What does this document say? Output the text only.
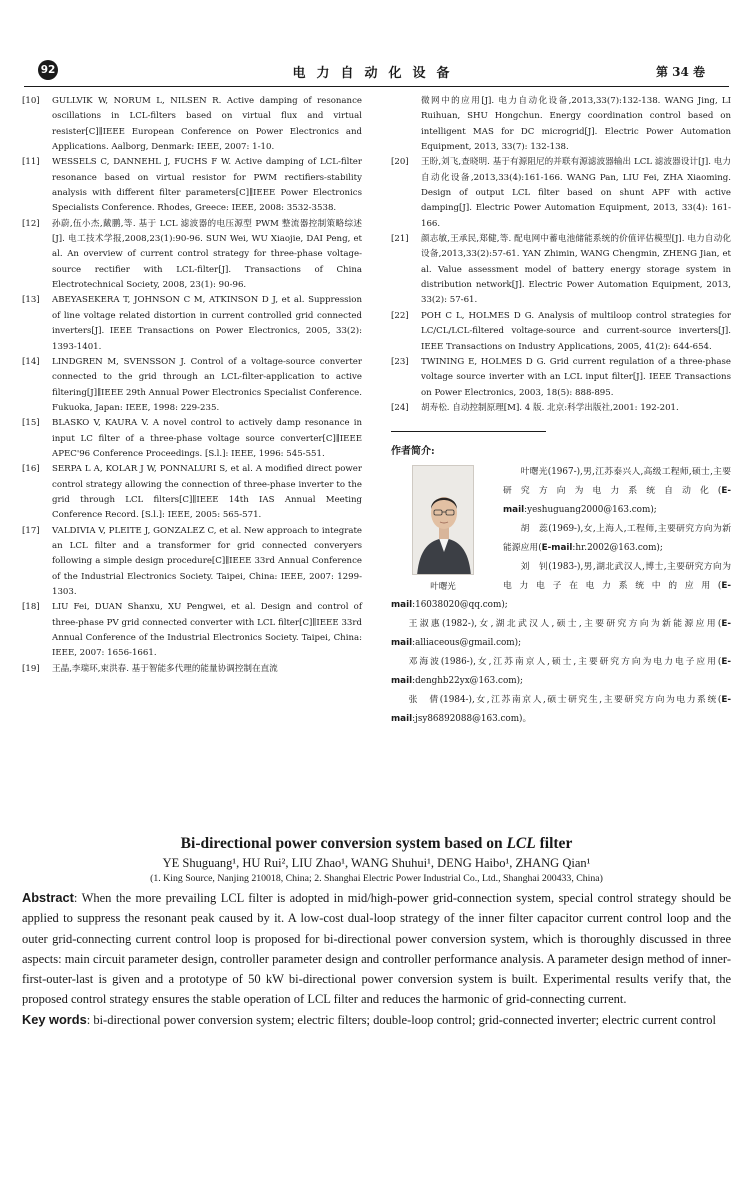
92	电力自动化设备	第 34 卷
[10]	GULLVIK W, NORUM L, NILSEN R. Active damping of resonance oscillations in LCL-filters based on virtual flux and virtual resister[C]∥IEEE European Conference on Power Electronics and Applications. Aalborg, Denmark: IEEE, 2007: 1-10.
[11]	WESSELS C, DANNEHL J, FUCHS F W. Active damping of LCL-filter resonance based on virtual resistor for PWM rectifiers-stability analysis with different filter parameters[C]∥IEEE Power Electronics Specialists Conference. Rhodes, Greece: IEEE, 2008: 3532-3538.
[12]	孙蔚,伍小杰,戴鹏,等. 基于 LCL 滤波器的电压源型 PWM 整流器控制策略综述[J]. 电工技术学报,2008,23(1):90-96. SUN Wei, WU Xiaojie, DAI Peng, et al. An overview of current control strategy for three-phase voltage-source rectifier with LCL-filter[J]. Transactions of China Electrotechnical Society, 2008, 23(1): 90-96.
[13]	ABEYASEKERA T, JOHNSON C M, ATKINSON D J, et al. Suppression of line voltage related distortion in current controlled grid connected inverters[J]. IEEE Transactions on Power Electronics, 2005, 33(2): 1393-1401.
[14]	LINDGREN M, SVENSSON J. Control of a voltage-source converter connected to the grid through an LCL-filter-application to active filtering[J]∥IEEE 29th Annual Power Electronics Specialist Conference. Fukuoka, Japan: IEEE, 1998: 229-235.
[15]	BLASKO V, KAURA V. A novel control to actively damp resonance in input LC filter of a three-phase voltage source converter[C]∥IEEE APEC'96 Conference Proceedings. [S.l.]: IEEE, 1996: 545-551.
[16]	SERPA L A, KOLAR J W, PONNALURI S, et al. A modified direct power control strategy allowing the connection of three-phase inverter to the grid through LCL filters[C]∥IEEE 14th IAS Annual Meeting Conference Record. [S.l.]: IEEE, 2005: 565-571.
[17]	VALDIVIA V, PLEITE J, GONZALEZ C, et al. New approach to integrate an LCL filter and a transformer for grid connected converyers following a simple design procedure[C]∥IEEE 33rd Annual Conference of the Industrial Electronics Society. Taipei, China: IEEE, 2007: 1299-1303.
[18]	LIU Fei, DUAN Shanxu, XU Pengwei, et al. Design and control of three-phase PV grid connected converter with LCL filter[C]∥IEEE 33rd Annual Conference of the Industrial Electronics Society. Taipei, China: IEEE, 2007: 1656-1661.
[19]	王晶,李瑞环,束洪春. 基于智能多代理的能量协调控制在直流
微网中的应用[J]. 电力自动化设备,2013,33(7):132-138. WANG Jing, LI Ruihuan, SHU Hongchun. Energy coordination control based on intelligent MAS for DC microgrid[J]. Electric Power Automation Equipment, 2013, 33(7): 132-138.
[20]	王盼,刘飞,查晓明. 基于有源阻尼的并联有源滤波器输出 LCL 滤波器设计[J]. 电力自动化设备,2013,33(4):161-166. WANG Pan, LIU Fei, ZHA Xiaoming. Design of output LCL filter based on shunt APF with active damping[J]. Electric Power Automation Equipment, 2013, 33(4): 161-166.
[21]	颜志敏,王承民,郑健,等. 配电网中蓄电池储能系统的价值评估模型[J]. 电力自动化设备,2013,33(2):57-61. YAN Zhimin, WANG Chengmin, ZHENG Jian, et al. Value assessment model of battery energy storage system in distribution network[J]. Electric Power Automation Equipment, 2013, 33(2): 57-61.
[22]	POH C L, HOLMES D G. Analysis of multiloop control strategies for LC/CL/LCL-filtered voltage-source and current-source inverters[J]. IEEE Transactions on Industry Applications, 2005, 41(2): 644-654.
[23]	TWINING E, HOLMES D G. Grid current regulation of a three-phase voltage source inverter with an LCL input filter[J]. IEEE Transactions on Power Electronics, 2003, 18(5): 888-895.
[24]	胡寿松. 自动控制原理[M]. 4 版. 北京:科学出版社,2001: 192-201.
作者简介:
叶曙光

叶曙光(1967-),男,江苏泰兴人,高级工程师,硕士,主要研究方向为电力系统自动化(E-mail:yeshuguang2000@163.com);

胡　蕊(1969-),女,上海人,工程师,主要研究方向为新能源应用(E-mail:hr.2002@163.com);

刘　钊(1983-),男,湖北武汉人,博士,主要研究方向为电力电子在电力系统中的应用(E-mail:16038020@qq.com);

王淑惠(1982-),女,湖北武汉人,硕士,主要研究方向为新能源应用(E-mail:alliaceous@gmail.com);

邓海波(1986-),女,江苏南京人,硕士,主要研究方向为电力电子应用(E-mail:denghb22yx@163.com);

张　倩(1984-),女,江苏南京人,硕士研究生,主要研究方向为电力系统(E-mail:jsy86892088@163.com)。

Bi-directional power conversion system based on LCL filter
YE Shuguang¹, HU Rui², LIU Zhao¹, WANG Shuhui¹, DENG Haibo¹, ZHANG Qian¹
(1. King Source, Nanjing 210018, China; 2. Shanghai Electric Power Industrial Co., Ltd., Shanghai 200433, China)

Abstract: When the more prevailing LCL filter is adopted in mid/high-power grid-connection system, special control strategy should be applied to suppress the resonant peak caused by it. A low-cost dual-loop strategy of the inner filter capacitor current control loop and the outer grid-connecting current control loop is proposed for bi-directional power conversion system, which is thoroughly discussed in three aspects: main circuit parameter design, controller parameter design and controller performance analysis. A parameter design method of inner-first-outer-last is given and a prototype of 50 kW bi-directional power conversion system is built. Experimental results verify that, the proposed control strategy ensures the stable operation of LCL filter and reduces the harmonic of grid-connecting current.

Key words: bi-directional power conversion system; electric filters; double-loop control; grid-connected inverter; electric current control
